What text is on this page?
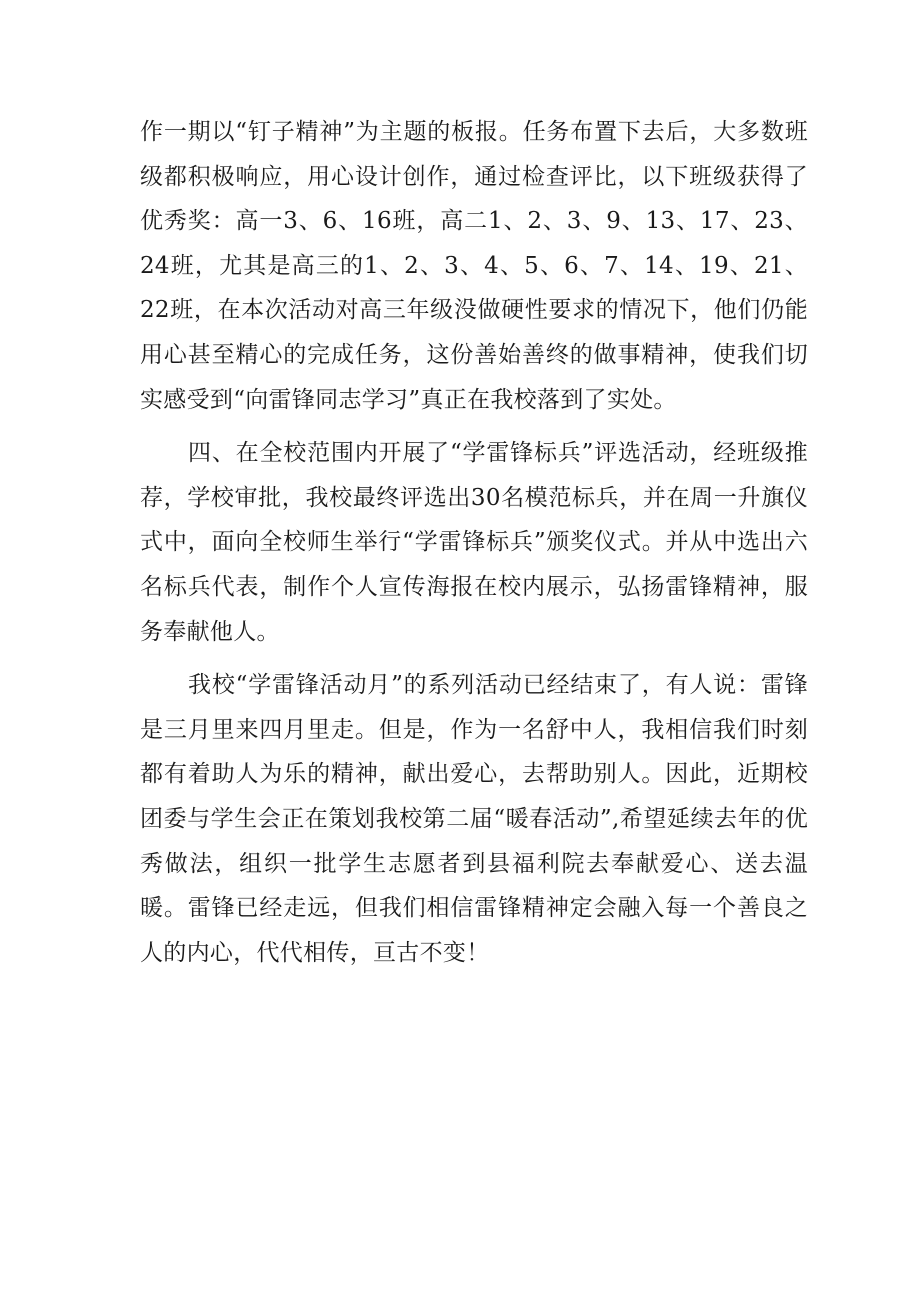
作一期以“钉子精神”为主题的板报。任务布置下去后，大多数班级都积极响应，用心设计创作，通过检查评比，以下班级获得了优秀奖：高一3、6、16班，高二1、2、3、9、13、17、23、24班，尤其是高三的1、2、3、4、5、6、7、14、19、21、22班，在本次活动对高三年级没做硬性要求的情况下，他们仍能用心甚至精心的完成任务，这份善始善终的做事精神，使我们切实感受到“向雷锋同志学习”真正在我校落到了实处。

四、在全校范围内开展了“学雷锋标兵”评选活动，经班级推荐，学校审批，我校最终评选出30名模范标兵，并在周一升旗仪式中，面向全校师生举行“学雷锋标兵”颁奖仪式。并从中选出六名标兵代表，制作个人宣传海报在校内展示，弘扬雷锋精神，服务奉献他人。

我校“学雷锋活动月”的系列活动已经结束了，有人说：雷锋是三月里来四月里走。但是，作为一名舒中人，我相信我们时刻都有着助人为乐的精神，献出爱心，去帮助别人。因此，近期校团委与学生会正在策划我校第二届“暖春活动”,希望延续去年的优秀做法，组织一批学生志愿者到县福利院去奉献爱心、送去温暖。雷锋已经走远，但我们相信雷锋精神定会融入每一个善良之人的内心，代代相传，亘古不变！
